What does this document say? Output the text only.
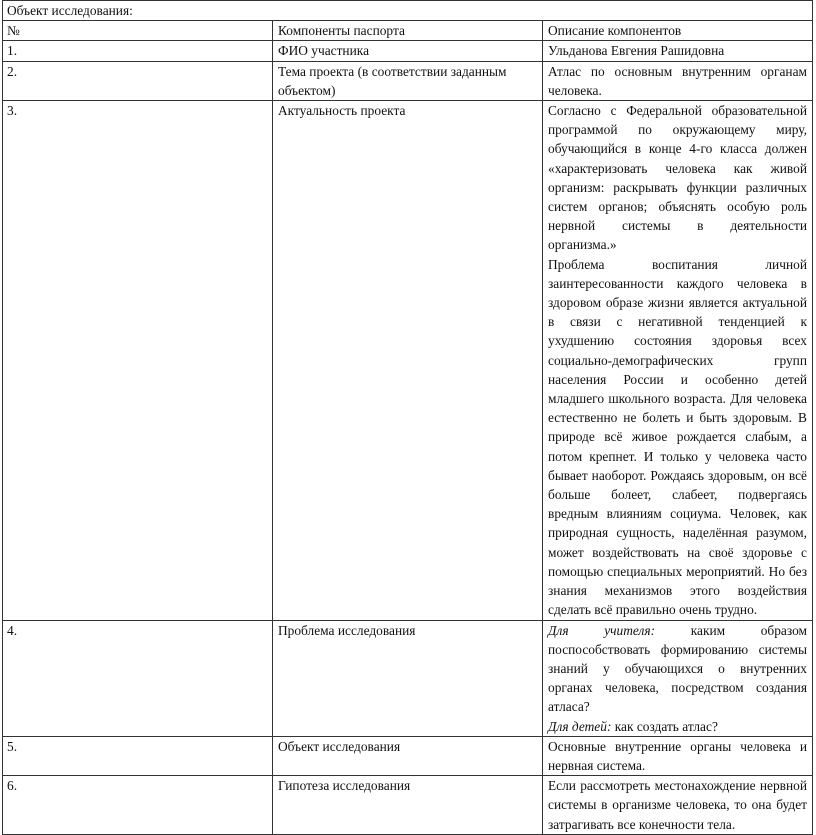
Объект исследования:		
№	Компоненты паспорта	Описание компонентов
1.	ФИО участника	Ульданова Евгения Рашидовна
2.	Тема проекта (в соответствии заданным объектом)	Атлас по основным внутренним органам человека.
3.	Актуальность проекта	Согласно с Федеральной образовательной программой по окружающему миру, обучающийся в конце 4-го класса должен «характеризовать человека как живой организм: раскрывать функции различных систем органов; объяснять особую роль нервной системы в деятельности организма.»
Проблема воспитания личной заинтересованности каждого человека в здоровом образе жизни является актуальной в связи с негативной тенденцией к ухудшению состояния здоровья всех социально-демографических групп населения России и особенно детей младшего школьного возраста. Для человека естественно не болеть и быть здоровым. В природе всё живое рождается слабым, а потом крепнет. И только у человека часто бывает наоборот. Рождаясь здоровым, он всё больше болеет, слабеет, подвергаясь вредным влияниям социума. Человек, как природная сущность, наделённая разумом, может воздействовать на своё здоровье с помощью специальных мероприятий. Но без знания механизмов этого воздействия сделать всё правильно очень трудно.

4.	Проблема исследования	Для учителя: каким образом поспособствовать формированию системы знаний у обучающихся о внутренних органах человека, посредством создания атласа?
Для детей: как создать атлас?

5.	Объект исследования	Основные внутренние органы человека и нервная система.
6.	Гипотеза исследования	Если рассмотреть местонахождение нервной системы в организме человека, то она будет затрагивать все конечности тела.
